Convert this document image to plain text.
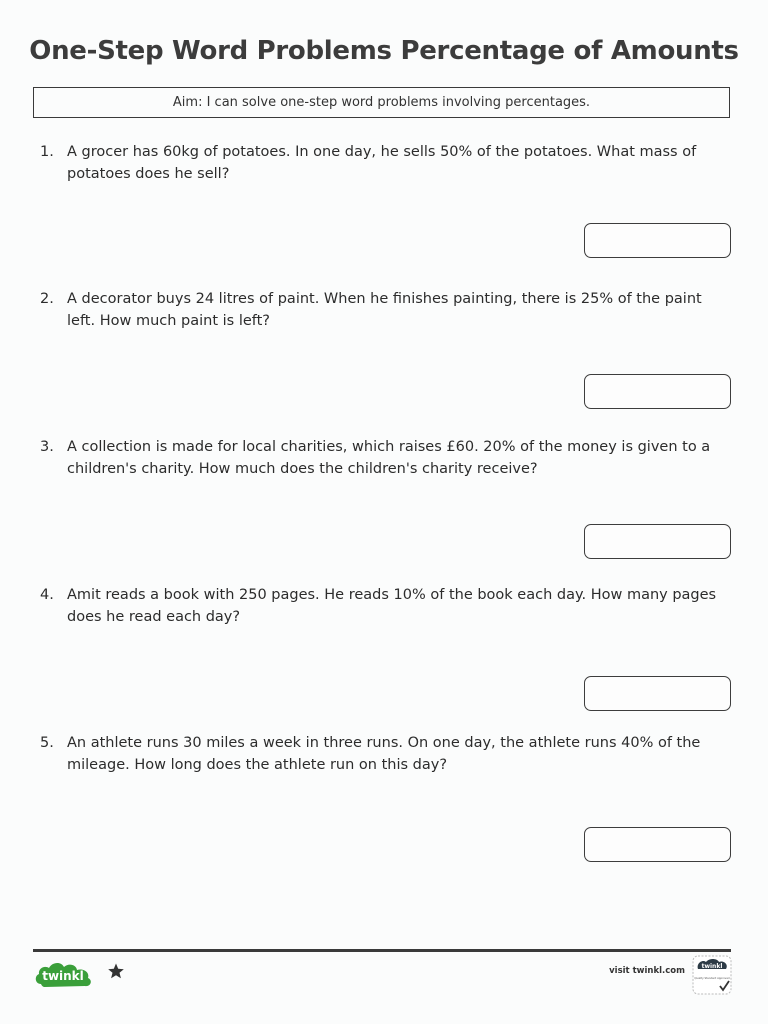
One-Step Word Problems Percentage of Amounts
Aim: I can solve one-step word problems involving percentages.
1. A grocer has 60kg of potatoes. In one day, he sells 50% of the potatoes. What mass of potatoes does he sell?
2. A decorator buys 24 litres of paint. When he finishes painting, there is 25% of the paint left. How much paint is left?
3. A collection is made for local charities, which raises £60. 20% of the money is given to a children's charity. How much does the children's charity receive?
4. Amit reads a book with 250 pages. He reads 10% of the book each day. How many pages does he read each day?
5. An athlete runs 30 miles a week in three runs. On one day, the athlete runs 40% of the mileage. How long does the athlete run on this day?
twinkl	visit twinkl.com	twinkl
Quality Standard Approved
